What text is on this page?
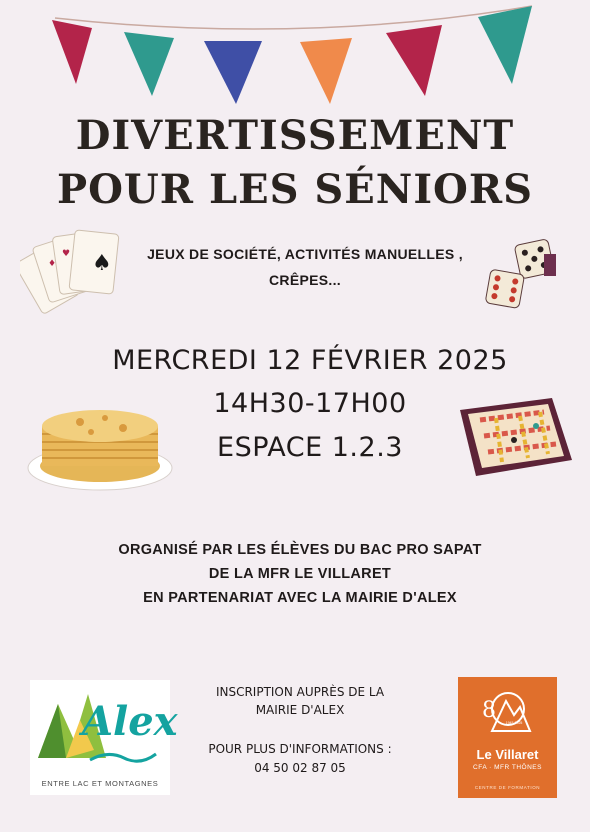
DIVERTISSEMENT
POUR LES SÉNIORS
♠
♦
♥	JEUX DE SOCIÉTÉ, ACTIVITÉS MANUELLES ,
CRÊPES...
MERCREDI 12 FÉVRIER 2025
14H30-17H00
ESPACE 1.2.3
ORGANISÉ PAR LES ÉLÈVES DU BAC PRO SAPAT
DE LA MFR LE VILLARET
EN PARTENARIAT AVEC LA MAIRIE D'ALEX
Alex
ENTRE LAC ET MONTAGNES
INSCRIPTION AUPRÈS DE LA
MAIRIE D'ALEX
POUR PLUS D'INFORMATIONS :
04 50 02 87 05
8	1945-2025
Le Villaret
CFA · MFR THÔNES
CENTRE DE FORMATION
